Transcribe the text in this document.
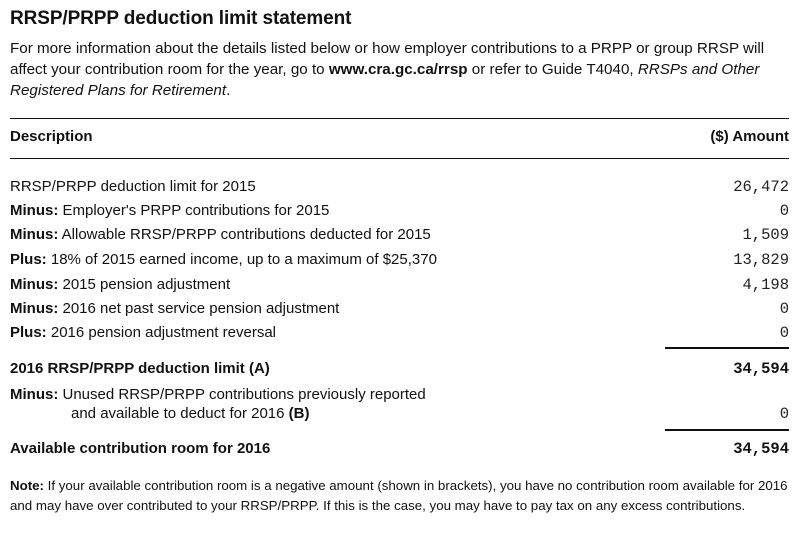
RRSP/PRPP deduction limit statement
For more information about the details listed below or how employer contributions to a PRPP or group RRSP will affect your contribution room for the year, go to www.cra.gc.ca/rrsp or refer to Guide T4040, RRSPs and Other Registered Plans for Retirement.
Description	($) Amount
RRSP/PRPP deduction limit for 2015	26,472
Minus: Employer's PRPP contributions for 2015	0
Minus: Allowable RRSP/PRPP contributions deducted for 2015	1,509
Plus: 18% of 2015 earned income, up to a maximum of $25,370	13,829
Minus: 2015 pension adjustment	4,198
Minus: 2016 net past service pension adjustment	0
Plus: 2016 pension adjustment reversal	0
2016 RRSP/PRPP deduction limit (A)	34,594
Minus: Unused RRSP/PRPP contributions previously reported
and available to deduct for 2016 (B)	0
Available contribution room for 2016	34,594
Note: If your available contribution room is a negative amount (shown in brackets), you have no contribution room available for 2016 and may have over contributed to your RRSP/PRPP. If this is the case, you may have to pay tax on any excess contributions.
